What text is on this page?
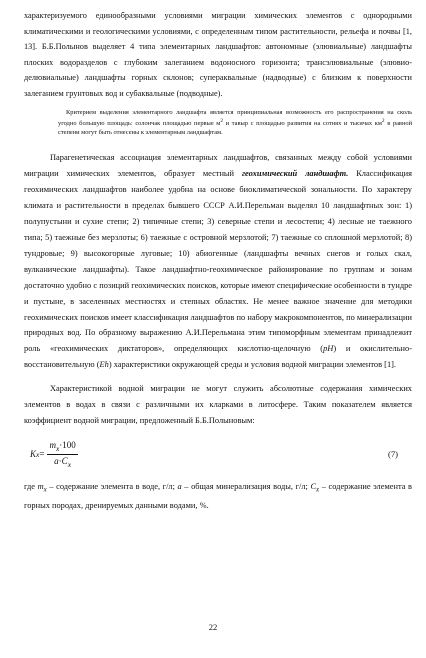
характеризуемого единообразными условиями миграции химических элементов с однородными климатическими и геологическими условиями, с определенным типом растительности, рельефа и почвы [1, 13]. Б.Б.Полынов выделяет 4 типа элементарных ландшафтов: автономные (элювиальные) ландшафты плоских водоразделов с глубоким залеганием водоносного горизонта; трансэлювиальные (элювио-делювиальные) ландшафты горных склонов; супераквальные (надводные) с близким к поверхности залеганием грунтовых вод и субаквальные (подводные).

Критерием выделения элементарного ландшафта является принципиальная возможность его распространения на сколь угодно большую площадь: солончак площадью первые $м^2$ и тавыр с площадью развития на сотнях и тысячах $км^2$ в равной степени могут быть отнесены к элементарным ландшафтам.

Парагенетическая ассоциация элементарных ландшафтов, связанных между собой условиями миграции химических элементов, образует местный геохимический ландшафт. Классификация геохимических ландшафтов наиболее удобна на основе биоклиматической зональности. По характеру климата и растительности в пределах бывшего СССР А.И.Перельман выделял 10 ландшафтных зон: 1) полупустыни и сухие степи; 2) типичные степи; 3) северные степи и лесостепи; 4) лесные не таежного типа; 5) таежные без мерзлоты; 6) таежные с островной мерзлотой; 7) таежные со сплошной мерзлотой; 8) тундровые; 9) высокогорные луговые; 10) абиогенные (ландшафты вечных снегов и голых скал, вулканические ландшафты). Такое ландшафтно-геохимическое районирование по группам и зонам достаточно удобно с позиций геохимических поисков, которые имеют специфические особенности в тундре и пустыне, в заселенных местностях и степных областях. Не менее важное значение для методики геохимических поисков имеет классификация ландшафтов по набору макрокомпонентов, по минерализации природных вод. По образному выражению А.И.Перельмана этим типоморфным элементам принадлежит роль «геохимических диктаторов», определяющих кислотно-щелочную (pH) и окислительно-восстановительную (Eh) характеристики окружающей среды и условия водной миграции элементов [1].

Характеристикой водной миграции не могут служить абсолютные содержания химических элементов в водах в связи с различными их кларками в литосфере. Таким показателем является коэффициент водной миграции, предложенный Б.Б.Полыновым:

K $x = \frac{m_x\cdot 100}{a\cdot C_x}$	(7)

где $m_x$ – содержание элемента в воде, г/л; a – общая минерализация воды, г/л; $C_x$ – содержание элемента в горных породах, дренируемых данными водами, %.

22
